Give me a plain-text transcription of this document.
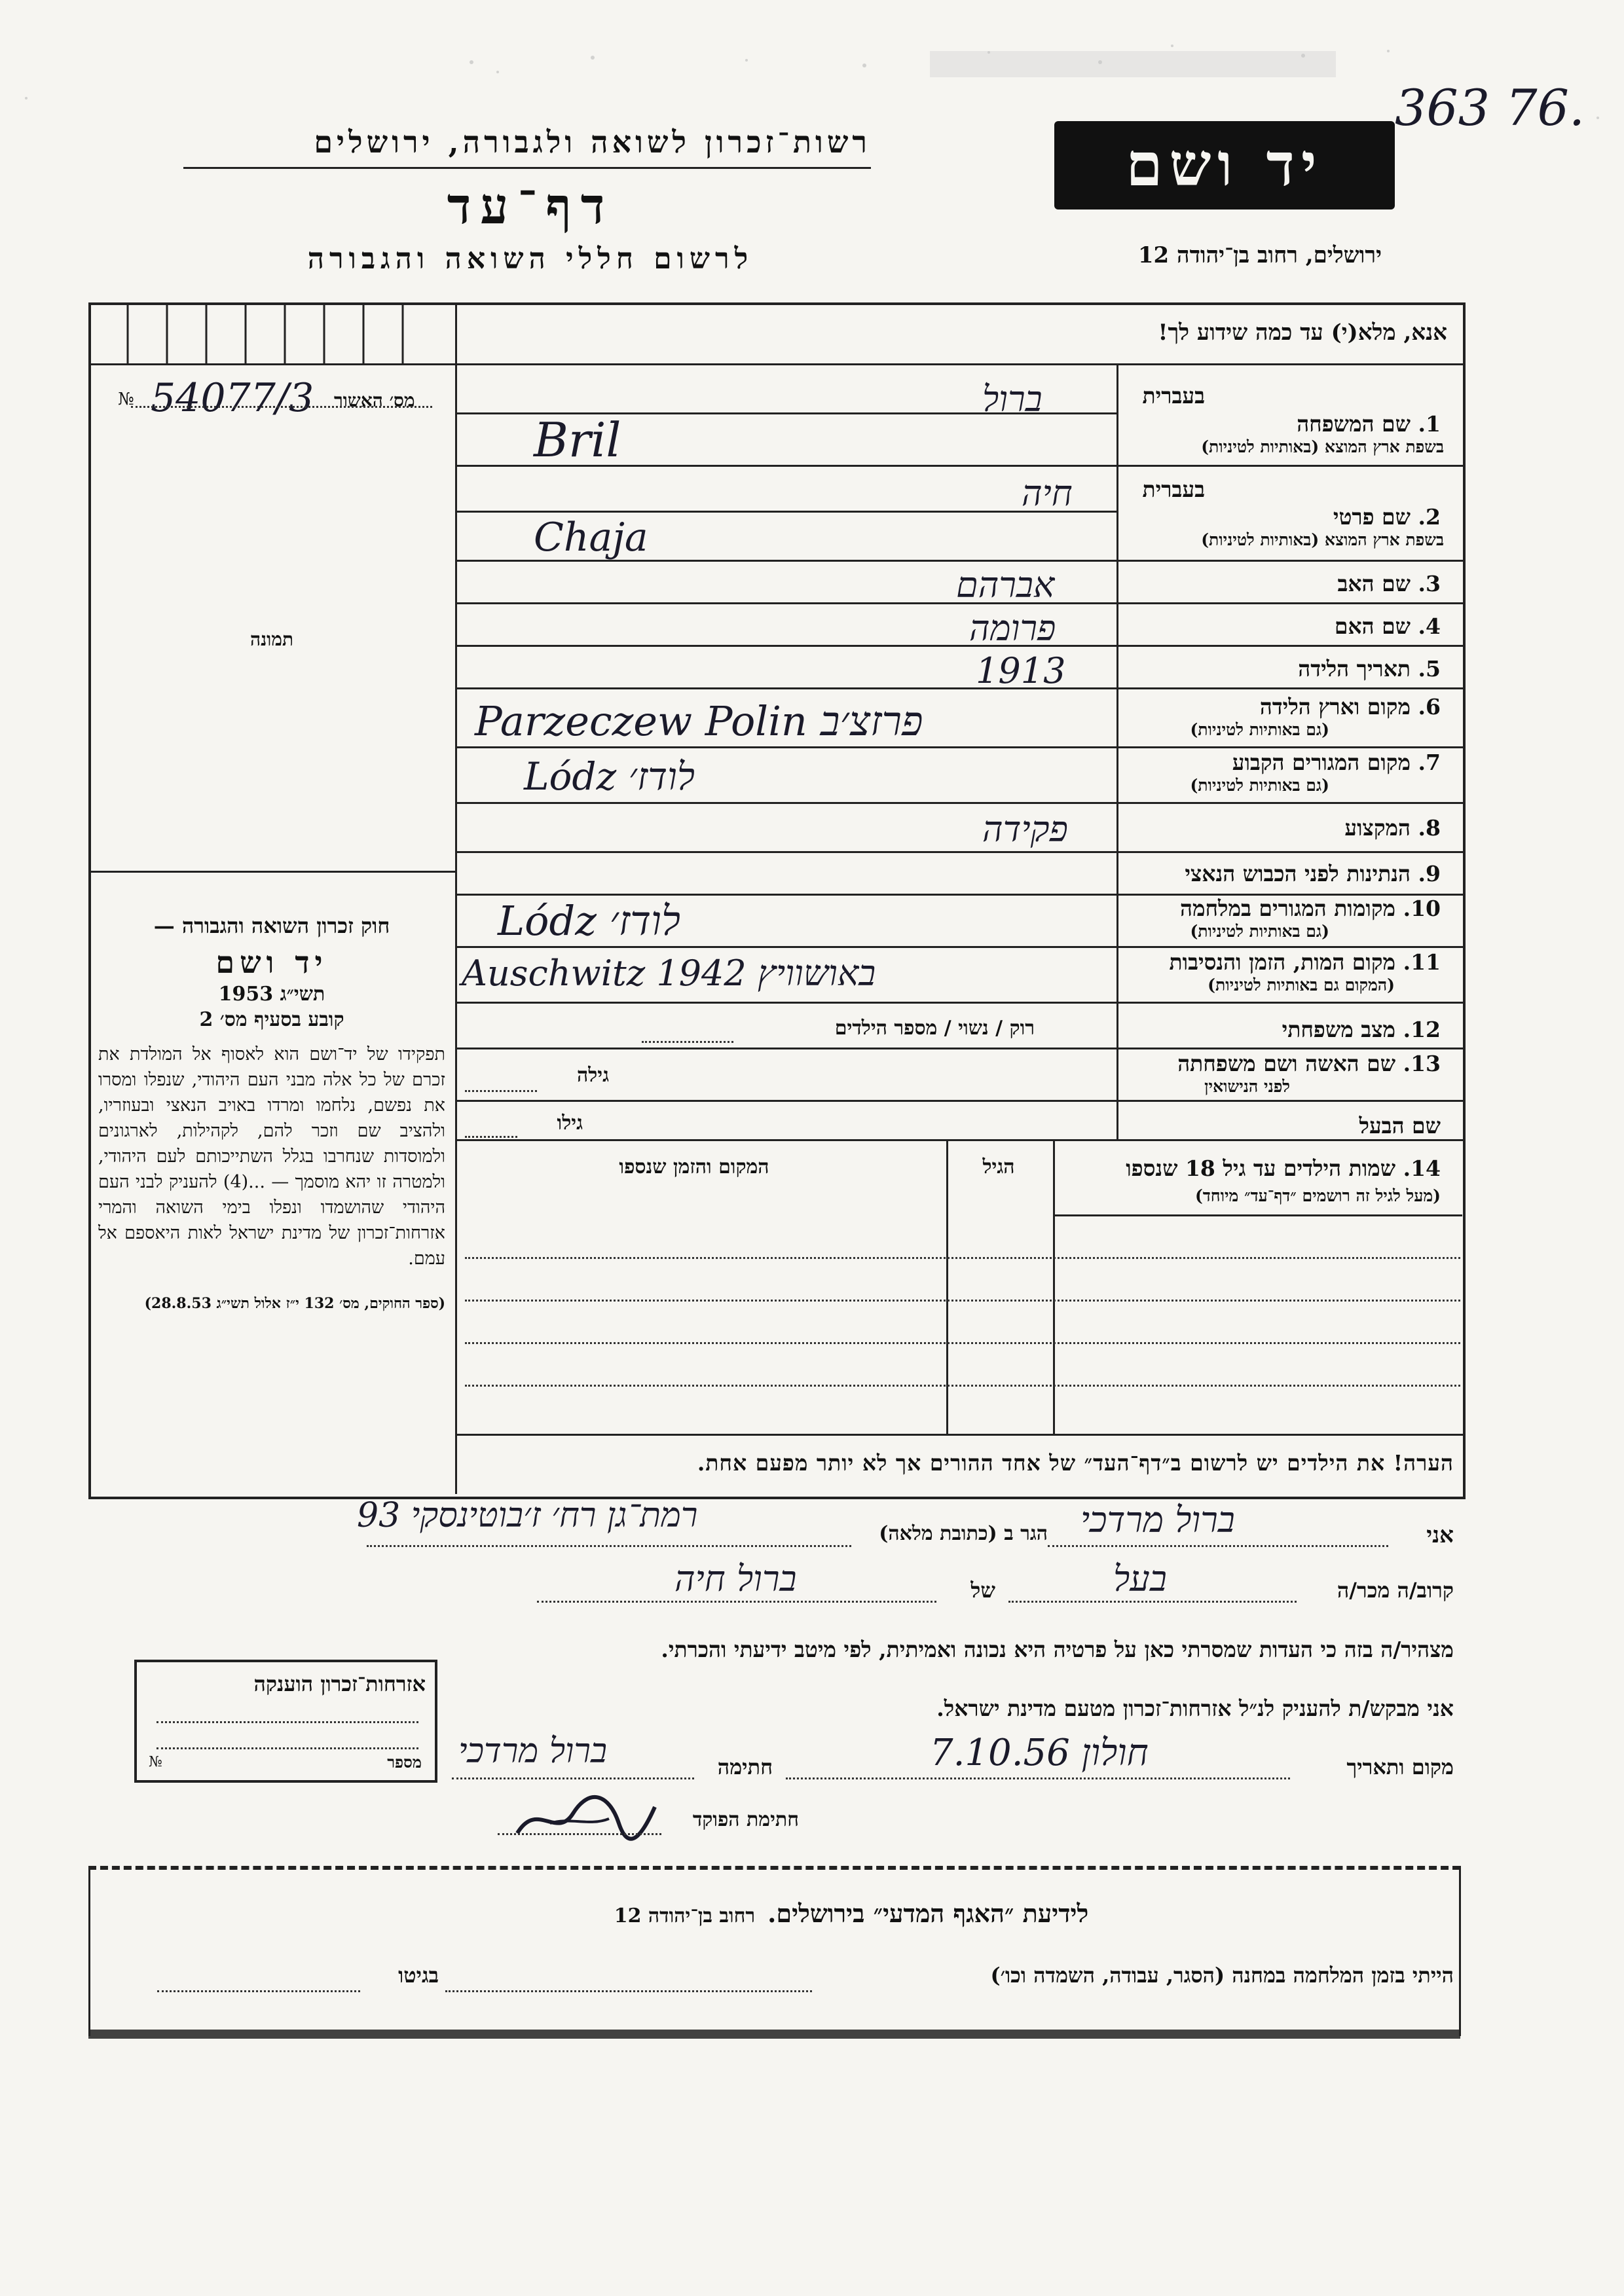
363 76.
רשות־זכרון לשואה ולגבורה, ירושלים
דף־עד
לרשום חללי השואה והגבורה
יד ושם
ירושלים, רחוב בן־יהודה 12
אנא, מלא(י) עד כמה שידוע לך!
№ 54077/3 מס׳ האשור
תמונה
בעברית
1. שם המשפחה
בשפת ארץ המוצא (באותיות לטיניות)
ברול
Bril
בעברית
2. שם פרטי
בשפת ארץ המוצא (באותיות לטיניות)
חיה
Chaja
3. שם האב
אברהם
4. שם האם
פרומה
5. תאריך הלידה
1913
6. מקום וארץ הלידה
(גם באותיות לטיניות)
Parzeczew Polin פרזצ׳ב
7. מקום המגורים הקבוע
(גם באותיות לטיניות)
Lódz לודז׳
8. המקצוע
פקידה
9. הנתינות לפני הכבוש הנאצי
10. מקומות המגורים במלחמה
(גם באותיות לטיניות)
Lódz לודז׳
11. מקום המות, הזמן והנסיבות
(המקום גם באותיות לטיניות)
Auschwitz 1942 באושוויץ
12. מצב משפחתי
רוק / נשוי / מספר הילדים
13. שם האשה ושם משפחתה
לפני הנישואין
גילה
שם הבעל
גילו
14. שמות הילדים עד גיל 18 שנספו
(מעל לגיל זה רושמים ״דף־עד״ מיוחד)
הגיל
המקום והזמן שנספו
הערה! את הילדים יש לרשום ב״דף־העד״ של אחד ההורים אך לא יותר מפעם אחת.

חוק זכרון השואה והגבורה —

יד ושם

תשי״ג 1953

קובע בסעיף מס׳ 2

תפקידו של יד־ושם הוא לאסוף אל המולדת את זכרם של כל אלה מבני העם היהודי, שנפלו ומסרו את נפשם, נלחמו ומרדו באויב הנאצי ובעוזריו, ולהציב שם וזכר להם, לקהילות, לארגונים ולמוסדות שנחרבו בגלל השתייכותם לעם היהודי, ולמטרה זו יהא מוסמך — ...(4) להעניק לבני העם היהודי שהושמדו ונפלו בימי השואה והמרי אזרחות־זכרון של מדינת ישראל לאות היאספם אל עמם.

(ספר החוקים, מס׳ 132 י״ז אלול תשי״ג 28.8.53)

אני
ברול מרדכי
הגר ב (כתובת מלאה)
רמת־גן רח׳ ז׳בוטינסקי 93
קרוב/ה מכר/ה
בעל
של
ברול חיה
מצהיר/ה בזה כי העדות שמסרתי כאן על פרטיה היא נכונה ואמיתית, לפי מיטב ידיעתי והכרתי.
אני מבקש/ת להעניק לנ״ל אזרחות־זכרון מטעם מדינת ישראל.
מקום ותאריך
חולון 7.10.56
חתימה
ברול מרדכי
חתימת הפוקד
אזרחות־זכרון הוענקה
№	מספר
לידיעת ״האגף המדעי״ בירושלים. רחוב בן־יהודה 12
הייתי בזמן המלחמה במחנה (הסגר, עבודה, השמדה וכו׳)
בגיטו
